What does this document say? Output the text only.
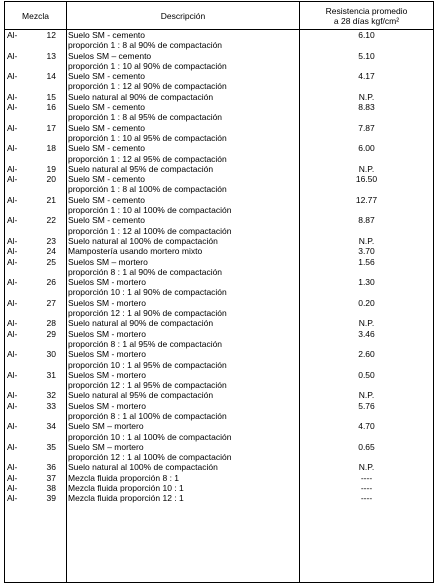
Mezcla	Descripción	Resistencia promedio
a 28 días kgf/cm²
Al-	12 Suelo SM - cemento
proporción 1 : 8 al 90% de compactación
6.10
Al-	13 Suelos SM – cemento
proporción 1 : 10 al 90% de compactación
5.10
Al-	14 Suelo SM - cemento
proporción 1 : 12 al 90% de compactación
4.17
Al-	15 Suelo natural al 90% de compactación	N.P.
Al-	16 Suelo SM - cemento
proporción 1 : 8 al 95% de compactación
8.83
Al-	17 Suelo SM - cemento
proporción 1 : 10 al 95% de compactación
7.87
Al-	18 Suelo SM - cemento
proporción 1 : 12 al 95% de compactación
6.00
Al-	19 Suelo natural al 95% de compactación	N.P.
Al-	20 Suelo SM - cemento
proporción 1 : 8 al 100% de compactación
16.50
Al-	21 Suelo SM - cemento
proporción 1 : 10 al 100% de compactación
12.77
Al-	22 Suelo SM - cemento
proporción 1 : 12 al 100% de compactación
8.87
Al-	23 Suelo natural al 100% de compactación	N.P.
Al-	24 Mampostería usando mortero mixto	3.70
Al-	25 Suelos SM – mortero
proporción 8 : 1 al 90% de compactación
1.56
Al-	26 Suelos SM - mortero
proporción 10 : 1 al 90% de compactación
1.30
Al-	27 Suelos SM - mortero
proporción 12 : 1 al 90% de compactación
0.20
Al-	28 Suelo natural al 90% de compactación	N.P.
Al-	29 Suelos SM - mortero
proporción 8 : 1 al 95% de compactación
3.46
Al-	30 Suelos SM - mortero
proporción 10 : 1 al 95% de compactación
2.60
Al-	31 Suelos SM - mortero
proporción 12 : 1 al 95% de compactación
0.50
Al-	32 Suelo natural al 95% de compactación	N.P.
Al-	33 Suelos SM - mortero
proporción 8 : 1 al 100% de compactación
5.76
Al-	34 Suelo SM – mortero
proporción 10 : 1 al 100% de compactación
4.70
Al-	35 Suelo SM – mortero
proporción 12 : 1 al 100% de compactación
0.65
Al-	36 Suelo natural al 100% de compactación	N.P.
Al-	37 Mezcla fluida proporción 8 : 1	----
Al-	38 Mezcla fluida proporción 10 : 1	----
Al-	39 Mezcla fluida proporción 12 : 1	----
